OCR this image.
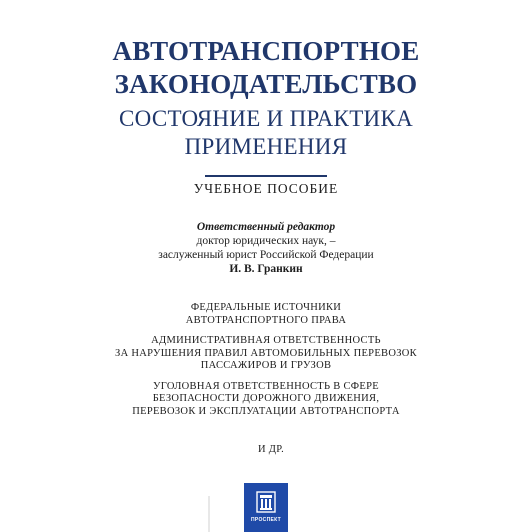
АВТОТРАНСПОРТНОЕ
ЗАКОНОДАТЕЛЬСТВО
СОСТОЯНИЕ И ПРАКТИКА
ПРИМЕНЕНИЯ
УЧЕБНОЕ ПОСОБИЕ
Ответственный редактор
доктор юридических наук, –
заслуженный юрист Российской Федерации
И. В. Гранкин
ФЕДЕРАЛЬНЫЕ ИСТОЧНИКИ
АВТОТРАНСПОРТНОГО ПРАВА
АДМИНИСТРАТИВНАЯ ОТВЕТСТВЕННОСТЬ
ЗА НАРУШЕНИЯ ПРАВИЛ АВТОМОБИЛЬНЫХ ПЕРЕВОЗОК
ПАССАЖИРОВ И ГРУЗОВ
УГОЛОВНАЯ ОТВЕТСТВЕННОСТЬ В СФЕРЕ
БЕЗОПАСНОСТИ ДОРОЖНОГО ДВИЖЕНИЯ,
ПЕРЕВОЗОК И ЭКСПЛУАТАЦИИ АВТОТРАНСПОРТА
И ДР.
ПРОСПЕКТ
